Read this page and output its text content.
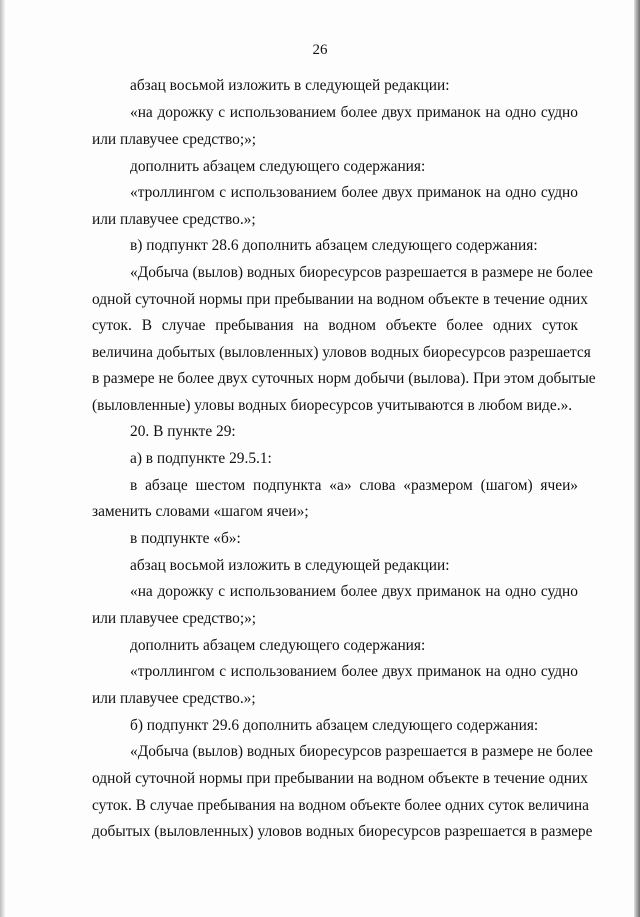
26
абзац восьмой изложить в следующей редакции:
«на дорожку с использованием более двух приманок на одно судно
или плавучее средство;»;
дополнить абзацем следующего содержания:
«троллингом с использованием более двух приманок на одно судно
или плавучее средство.»;
в) подпункт 28.6 дополнить абзацем следующего содержания:
«Добыча (вылов) водных биоресурсов разрешается в размере не более
одной суточной нормы при пребывании на водном объекте в течение одних
суток. В случае пребывания на водном объекте более одних суток
величина добытых (выловленных) уловов водных биоресурсов разрешается
в размере не более двух суточных норм добычи (вылова). При этом добытые
(выловленные) уловы водных биоресурсов учитываются в любом виде.».
20. В пункте 29:
а) в подпункте 29.5.1:
в абзаце шестом подпункта «а» слова «размером (шагом) ячеи»
заменить словами «шагом ячеи»;
в подпункте «б»:
абзац восьмой изложить в следующей редакции:
«на дорожку с использованием более двух приманок на одно судно
или плавучее средство;»;
дополнить абзацем следующего содержания:
«троллингом с использованием более двух приманок на одно судно
или плавучее средство.»;
б) подпункт 29.6 дополнить абзацем следующего содержания:
«Добыча (вылов) водных биоресурсов разрешается в размере не более
одной суточной нормы при пребывании на водном объекте в течение одних
суток. В случае пребывания на водном объекте более одних суток величина
добытых (выловленных) уловов водных биоресурсов разрешается в размере
